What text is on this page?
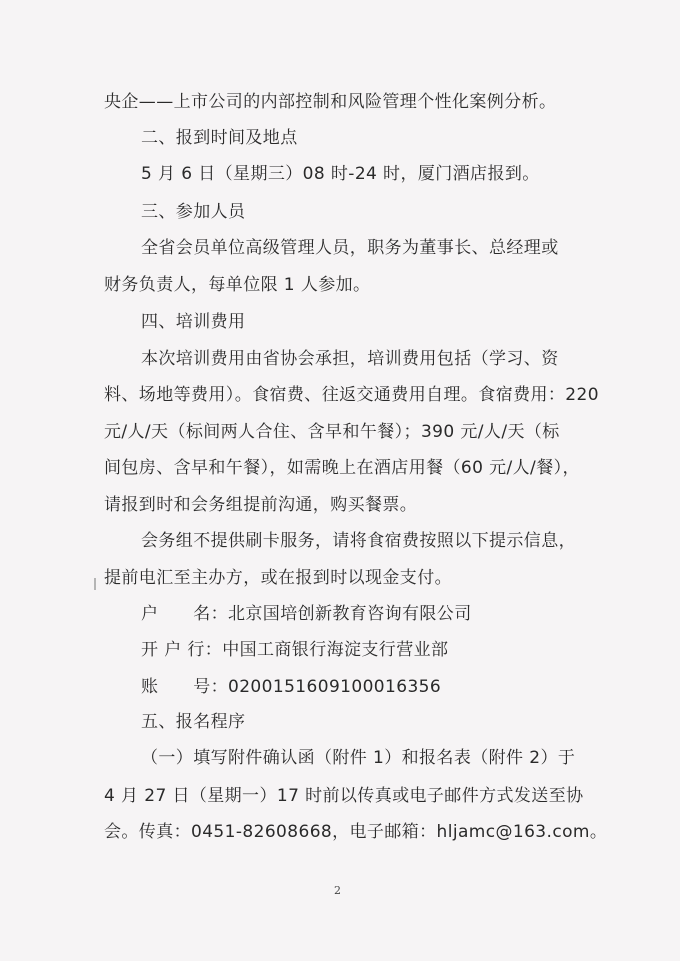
央企——上市公司的内部控制和风险管理个性化案例分析。
二、报到时间及地点
5 月 6 日（星期三）08 时-24 时，厦门酒店报到。
三、参加人员
全省会员单位高级管理人员，职务为董事长、总经理或
财务负责人，每单位限 1 人参加。
四、培训费用
本次培训费用由省协会承担，培训费用包括（学习、资
料、场地等费用）。食宿费、往返交通费用自理。食宿费用：220
元/人/天（标间两人合住、含早和午餐）；390 元/人/天（标
间包房、含早和午餐），如需晚上在酒店用餐（60 元/人/餐），
请报到时和会务组提前沟通，购买餐票。
会务组不提供刷卡服务，请将食宿费按照以下提示信息，
提前电汇至主办方，或在报到时以现金支付。
户　　名：北京国培创新教育咨询有限公司
开 户 行：中国工商银行海淀支行营业部
账　　号：0200151609100016356
五、报名程序
（一）填写附件确认函（附件 1）和报名表（附件 2）于
4 月 27 日（星期一）17 时前以传真或电子邮件方式发送至协
会。传真：0451-82608668，电子邮箱：hljamc@163.com。
2
